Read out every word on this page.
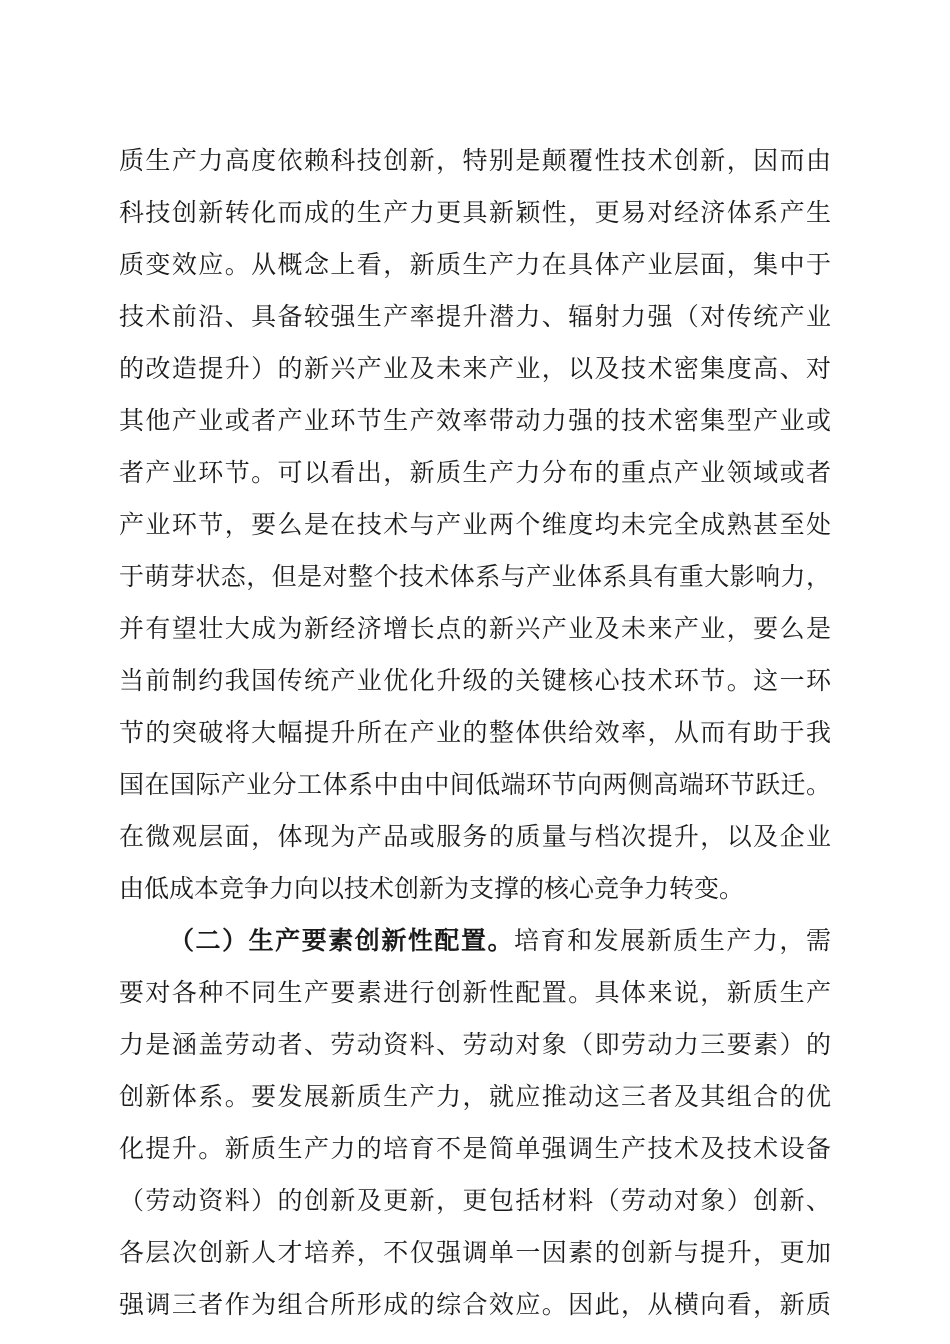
质生产力高度依赖科技创新，特别是颠覆性技术创新，因而由
科技创新转化而成的生产力更具新颖性，更易对经济体系产生
质变效应。从概念上看，新质生产力在具体产业层面，集中于
技术前沿、具备较强生产率提升潜力、辐射力强（对传统产业
的改造提升）的新兴产业及未来产业，以及技术密集度高、对
其他产业或者产业环节生产效率带动力强的技术密集型产业或
者产业环节。可以看出，新质生产力分布的重点产业领域或者
产业环节，要么是在技术与产业两个维度均未完全成熟甚至处
于萌芽状态，但是对整个技术体系与产业体系具有重大影响力，
并有望壮大成为新经济增长点的新兴产业及未来产业，要么是
当前制约我国传统产业优化升级的关键核心技术环节。这一环
节的突破将大幅提升所在产业的整体供给效率，从而有助于我
国在国际产业分工体系中由中间低端环节向两侧高端环节跃迁。
在微观层面，体现为产品或服务的质量与档次提升，以及企业
由低成本竞争力向以技术创新为支撑的核心竞争力转变。
（二）生产要素创新性配置。培育和发展新质生产力，需
要对各种不同生产要素进行创新性配置。具体来说，新质生产
力是涵盖劳动者、劳动资料、劳动对象（即劳动力三要素）的
创新体系。要发展新质生产力，就应推动这三者及其组合的优
化提升。新质生产力的培育不是简单强调生产技术及技术设备
（劳动资料）的创新及更新，更包括材料（劳动对象）创新、
各层次创新人才培养，不仅强调单一因素的创新与提升，更加
强调三者作为组合所形成的综合效应。因此，从横向看，新质
